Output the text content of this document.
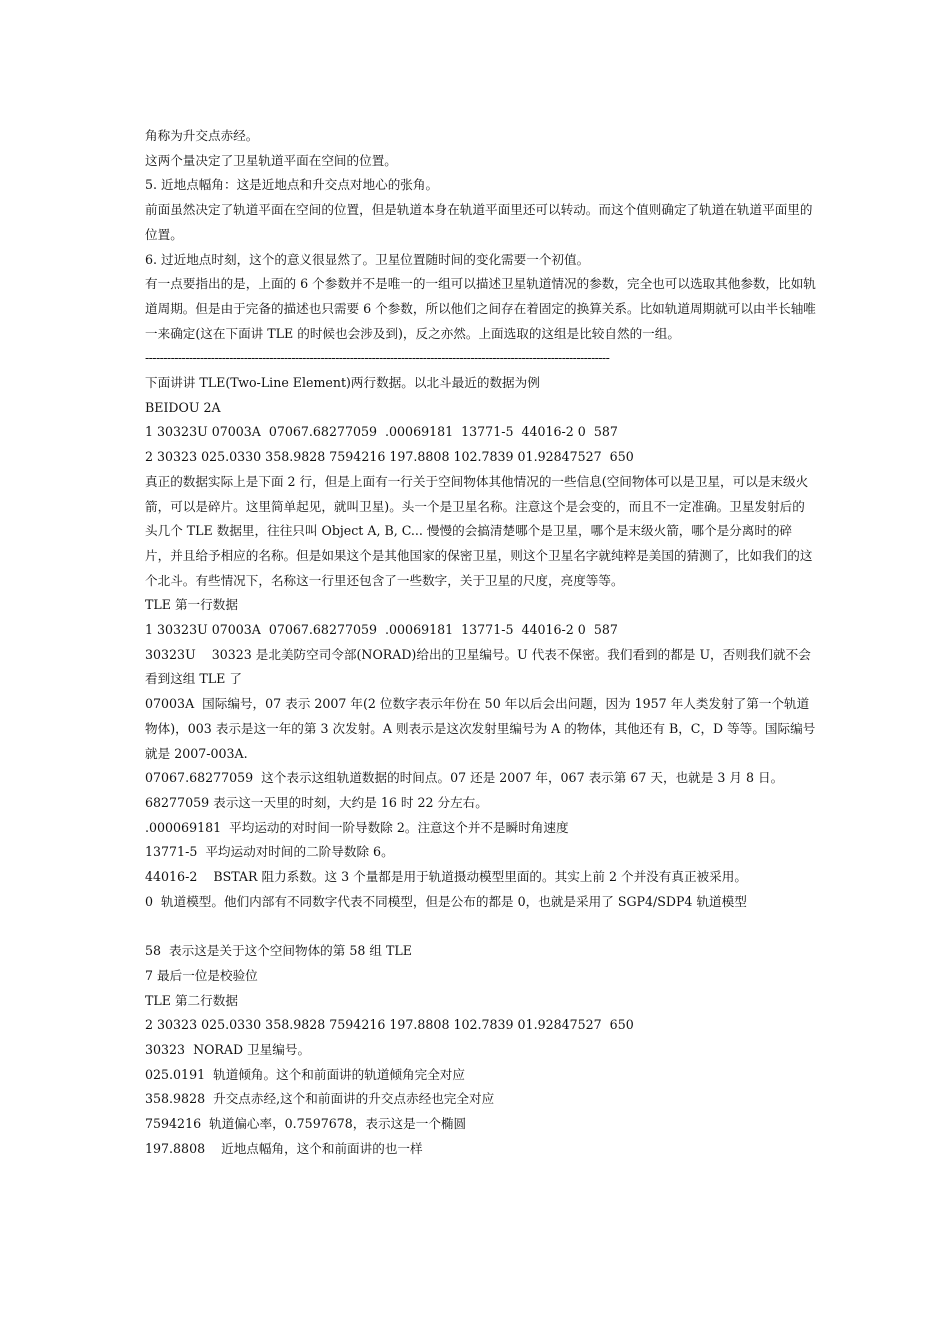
角称为升交点赤经。

这两个量决定了卫星轨道平面在空间的位置。

5. 近地点幅角：这是近地点和升交点对地心的张角。

前面虽然决定了轨道平面在空间的位置，但是轨道本身在轨道平面里还可以转动。而这个值则确定了轨道在轨道平面里的位置。

6. 过近地点时刻，这个的意义很显然了。卫星位置随时间的变化需要一个初值。

有一点要指出的是，上面的 6 个参数并不是唯一的一组可以描述卫星轨道情况的参数，完全也可以选取其他参数，比如轨道周期。但是由于完备的描述也只需要 6 个参数，所以他们之间存在着固定的换算关系。比如轨道周期就可以由半长轴唯一来确定(这在下面讲 TLE 的时候也会涉及到)，反之亦然。上面选取的这组是比较自然的一组。

-------------------------------------------------------------------------------------------------------------------------------

下面讲讲 TLE(Two-Line Element)两行数据。以北斗最近的数据为例

BEIDOU 2A

1 30323U 07003A  07067.68277059  .00069181  13771-5  44016-2 0  587

2 30323 025.0330 358.9828 7594216 197.8808 102.7839 01.92847527  650

真正的数据实际上是下面 2 行，但是上面有一行关于空间物体其他情况的一些信息(空间物体可以是卫星，可以是末级火箭，可以是碎片。这里简单起见，就叫卫星)。头一个是卫星名称。注意这个是会变的，而且不一定准确。卫星发射后的头几个 TLE 数据里，往往只叫 Object A, B, C... 慢慢的会搞清楚哪个是卫星，哪个是末级火箭，哪个是分离时的碎片，并且给予相应的名称。但是如果这个是其他国家的保密卫星，则这个卫星名字就纯粹是美国的猜测了，比如我们的这个北斗。有些情况下，名称这一行里还包含了一些数字，关于卫星的尺度，亮度等等。

TLE 第一行数据

1 30323U 07003A  07067.68277059  .00069181  13771-5  44016-2 0  587

30323U    30323 是北美防空司令部(NORAD)给出的卫星编号。U 代表不保密。我们看到的都是 U，否则我们就不会看到这组 TLE 了

07003A  国际编号，07 表示 2007 年(2 位数字表示年份在 50 年以后会出问题，因为 1957 年人类发射了第一个轨道物体)，003 表示是这一年的第 3 次发射。A 则表示是这次发射里编号为 A 的物体，其他还有 B，C，D 等等。国际编号就是 2007-003A.

07067.68277059  这个表示这组轨道数据的时间点。07 还是 2007 年，067 表示第 67 天，也就是 3 月 8 日。

68277059 表示这一天里的时刻，大约是 16 时 22 分左右。

.000069181  平均运动的对时间一阶导数除 2。注意这个并不是瞬时角速度

13771-5  平均运动对时间的二阶导数除 6。

44016-2    BSTAR 阻力系数。这 3 个量都是用于轨道摄动模型里面的。其实上前 2 个并没有真正被采用。

0  轨道模型。他们内部有不同数字代表不同模型，但是公布的都是 0，也就是采用了 SGP4/SDP4 轨道模型

58  表示这是关于这个空间物体的第 58 组 TLE

7 最后一位是校验位

TLE 第二行数据

2 30323 025.0330 358.9828 7594216 197.8808 102.7839 01.92847527  650

30323  NORAD 卫星编号。

025.0191  轨道倾角。这个和前面讲的轨道倾角完全对应

358.9828  升交点赤经,这个和前面讲的升交点赤经也完全对应

7594216  轨道偏心率，0.7597678，表示这是一个椭圆

197.8808    近地点幅角，这个和前面讲的也一样
